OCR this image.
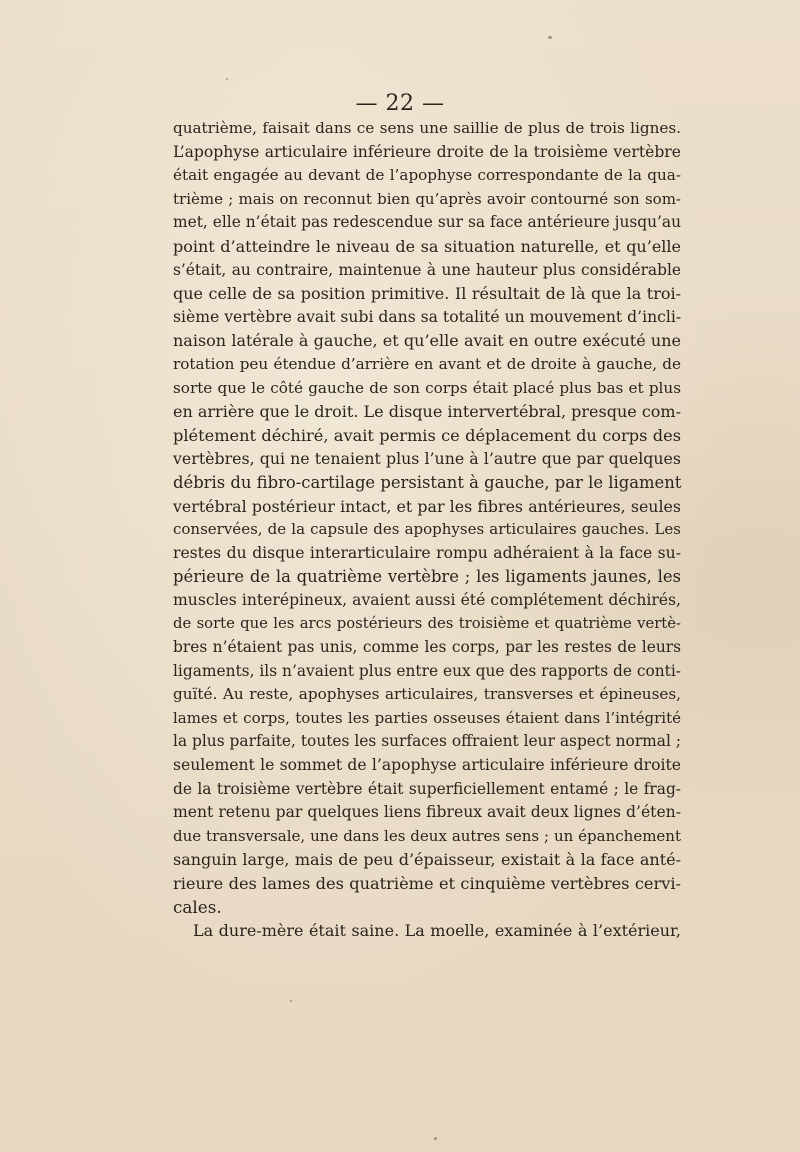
— 22 —
quatrième, faisait dans ce sens une saillie de plus de trois lignes.
L’apophyse articulaire inférieure droite de la troisième vertèbre
était engagée au devant de l’apophyse correspondante de la qua-
trième ; mais on reconnut bien qu’après avoir contourné son som-
met, elle n’était pas redescendue sur sa face antérieure jusqu’au
point d’atteindre le niveau de sa situation naturelle, et qu’elle
s’était, au contraire, maintenue à une hauteur plus considérable
que celle de sa position primitive. Il résultait de là que la troi-
sième vertèbre avait subi dans sa totalité un mouvement d’incli-
naison latérale à gauche, et qu’elle avait en outre exécuté une
rotation peu étendue d’arrière en avant et de droite à gauche, de
sorte que le côté gauche de son corps était placé plus bas et plus
en arrière que le droit. Le disque intervertébral, presque com-
plétement déchiré, avait permis ce déplacement du corps des
vertèbres, qui ne tenaient plus l’une à l’autre que par quelques
débris du fibro-cartilage persistant à gauche, par le ligament
vertébral postérieur intact, et par les fibres antérieures, seules
conservées, de la capsule des apophyses articulaires gauches. Les
restes du disque interarticulaire rompu adhéraient à la face su-
périeure de la quatrième vertèbre ; les ligaments jaunes, les
muscles interépineux, avaient aussi été complétement déchirés,
de sorte que les arcs postérieurs des troisième et quatrième vertè-
bres n’étaient pas unis, comme les corps, par les restes de leurs
ligaments, ils n’avaient plus entre eux que des rapports de conti-
guïté. Au reste, apophyses articulaires, transverses et épineuses,
lames et corps, toutes les parties osseuses étaient dans l’intégrité
la plus parfaite, toutes les surfaces offraient leur aspect normal ;
seulement le sommet de l’apophyse articulaire inférieure droite
de la troisième vertèbre était superficiellement entamé ; le frag-
ment retenu par quelques liens fibreux avait deux lignes d’éten-
due transversale, une dans les deux autres sens ; un épanchement
sanguin large, mais de peu d’épaisseur, existait à la face anté-
rieure des lames des quatrième et cinquième vertèbres cervi-
cales.
La dure-mère était saine. La moelle, examinée à l’extérieur,
